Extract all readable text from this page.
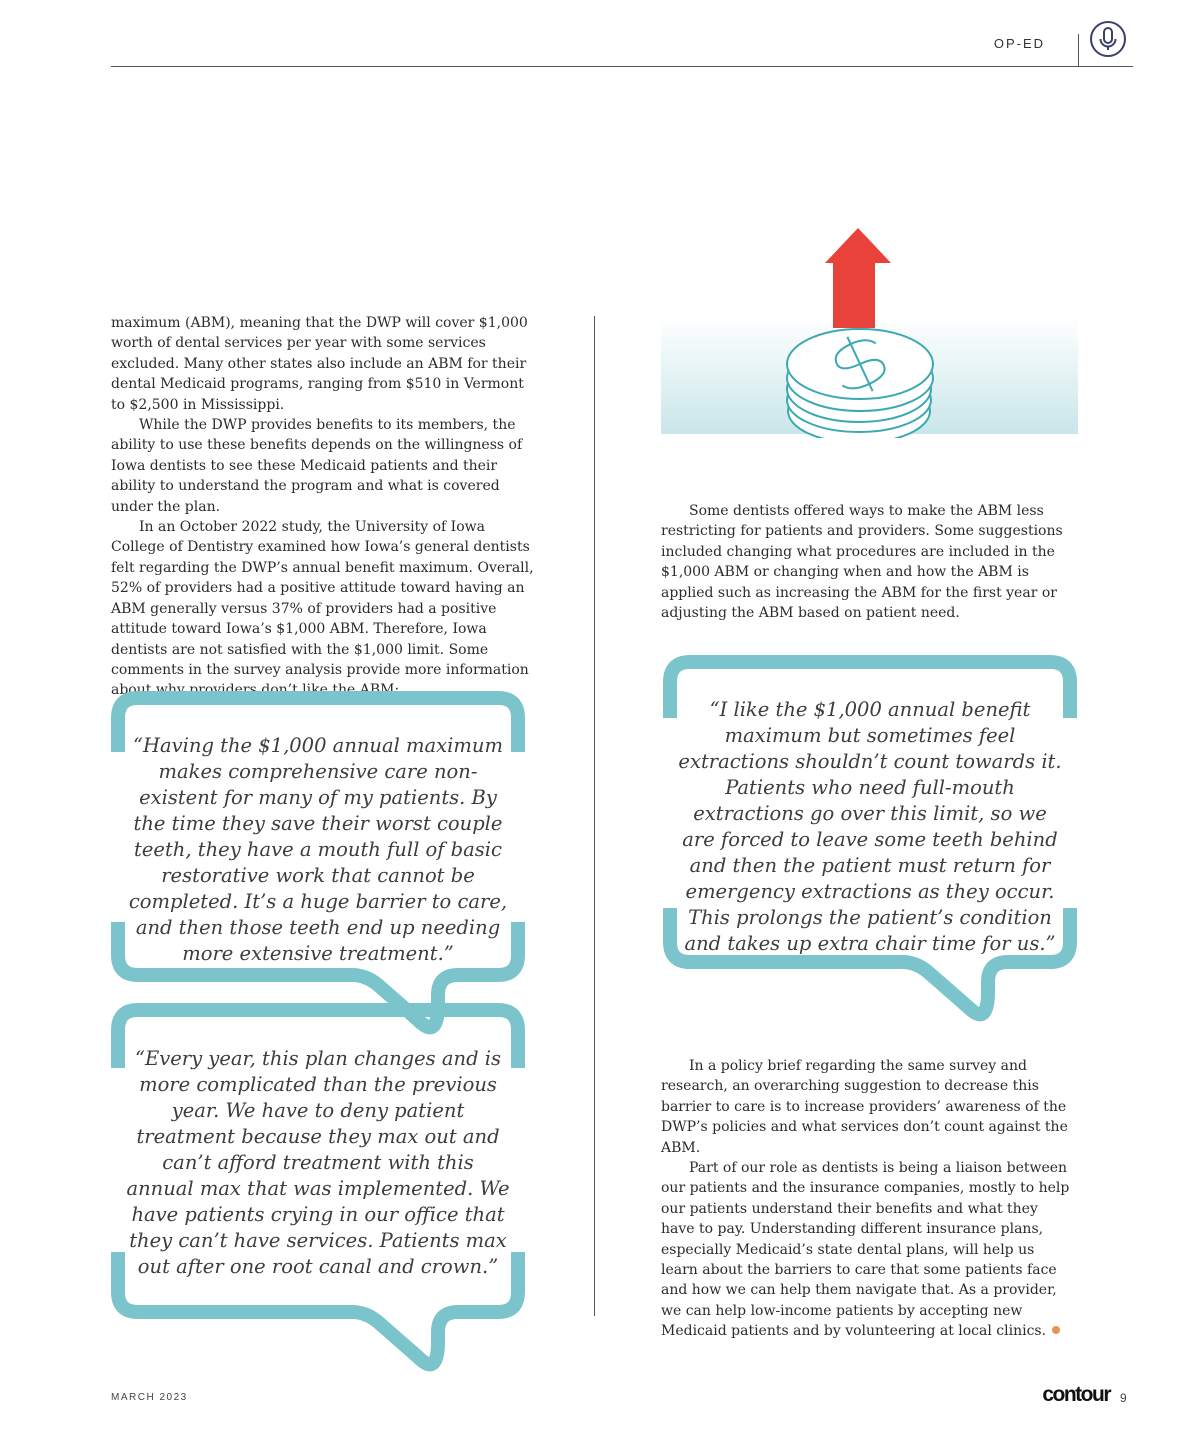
OP-ED

maximum (ABM), meaning that the DWP will cover $1,000 worth of dental services per year with some services excluded. Many other states also include an ABM for their dental Medicaid programs, ranging from $510 in Vermont to $2,500 in Mississippi.

While the DWP provides benefits to its members, the ability to use these benefits depends on the willingness of Iowa dentists to see these Medicaid patients and their ability to understand the program and what is covered under the plan.

In an October 2022 study, the University of Iowa College of Dentistry examined how Iowa’s general dentists felt regarding the DWP’s annual benefit maximum. Overall, 52% of providers had a positive attitude toward having an ABM generally versus 37% of providers had a positive attitude toward Iowa’s $1,000 ABM. Therefore, Iowa dentists are not satisfied with the $1,000 limit. Some comments in the survey analysis provide more information about why providers don’t like the ABM:

“Having the $1,000 annual maximum makes comprehensive care non-existent for many of my patients. By the time they save their worst couple teeth, they have a mouth full of basic restorative work that cannot be completed. It’s a huge barrier to care, and then those teeth end up needing more extensive treatment.”

“Every year, this plan changes and is more complicated than the previous year. We have to deny patient treatment because they max out and can’t afford treatment with this annual max that was implemented. We have patients crying in our office that they can’t have services. Patients max out after one root canal and crown.”

“I like the $1,000 annual benefit maximum but sometimes feel extractions shouldn’t count towards it. Patients who need full-mouth extractions go over this limit, so we are forced to leave some teeth behind and then the patient must return for emergency extractions as they occur. This prolongs the patient’s condition and takes up extra chair time for us.”

Some dentists offered ways to make the ABM less restricting for patients and providers. Some suggestions included changing what procedures are included in the $1,000 ABM or changing when and how the ABM is applied such as increasing the ABM for the first year or adjusting the ABM based on patient need.

In a policy brief regarding the same survey and research, an overarching suggestion to decrease this barrier to care is to increase providers’ awareness of the DWP’s policies and what services don’t count against the ABM.

Part of our role as dentists is being a liaison between our patients and the insurance companies, mostly to help our patients understand their benefits and what they have to pay. Understanding different insurance plans, especially Medicaid’s state dental plans, will help us learn about the barriers to care that some patients face and how we can help them navigate that. As a provider, we can help low-income patients by accepting new Medicaid patients and by volunteering at local clinics.

MARCH 2023	contour 9
